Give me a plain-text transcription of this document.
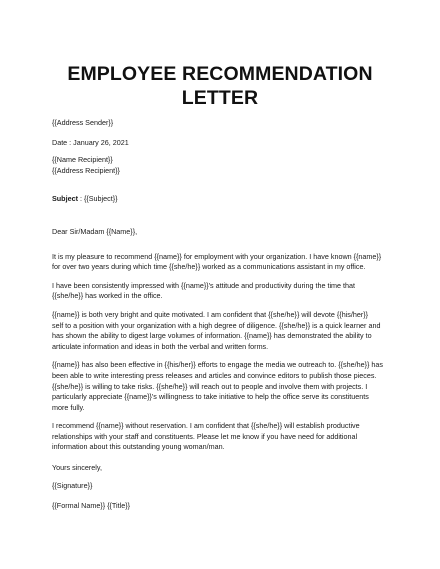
EMPLOYEE RECOMMENDATION LETTER

{{Address Sender}}

Date : January 26, 2021

{{Name Recipient}}
{{Address Recipient}}

Subject : {{Subject}}

Dear Sir/Madam {{Name}},

It is my pleasure to recommend {{name}} for employment with your organization. I have known {{name}}
for over two years during which time {{she/he}} worked as a communications assistant in my office.
I have been consistently impressed with {{name}}'s attitude and productivity during the time that
{{she/he}} has worked in the office.
{{name}} is both very bright and quite motivated. I am confident that {{she/he}} will devote {{his/her}}
self to a position with your organization with a high degree of diligence. {{she/he}} is a quick learner and
has shown the ability to digest large volumes of information. {{name}} has demonstrated the ability to
articulate information and ideas in both the verbal and written forms.
{{name}} has also been effective in {{his/her}} efforts to engage the media we outreach to. {{she/he}} has
been able to write interesting press releases and articles and convince editors to publish those pieces.
{{she/he}} is willing to take risks. {{she/he}} will reach out to people and involve them with projects. I
particularly appreciate {{name}}'s willingness to take initiative to help the office serve its constituents
more fully.
I recommend {{name}} without reservation. I am confident that {{she/he}} will establish productive
relationships with your staff and constituents. Please let me know if you have need for additional
information about this outstanding young woman/man.

Yours sincerely,

{{Signature}}

{{Formal Name}} {{Title}}
